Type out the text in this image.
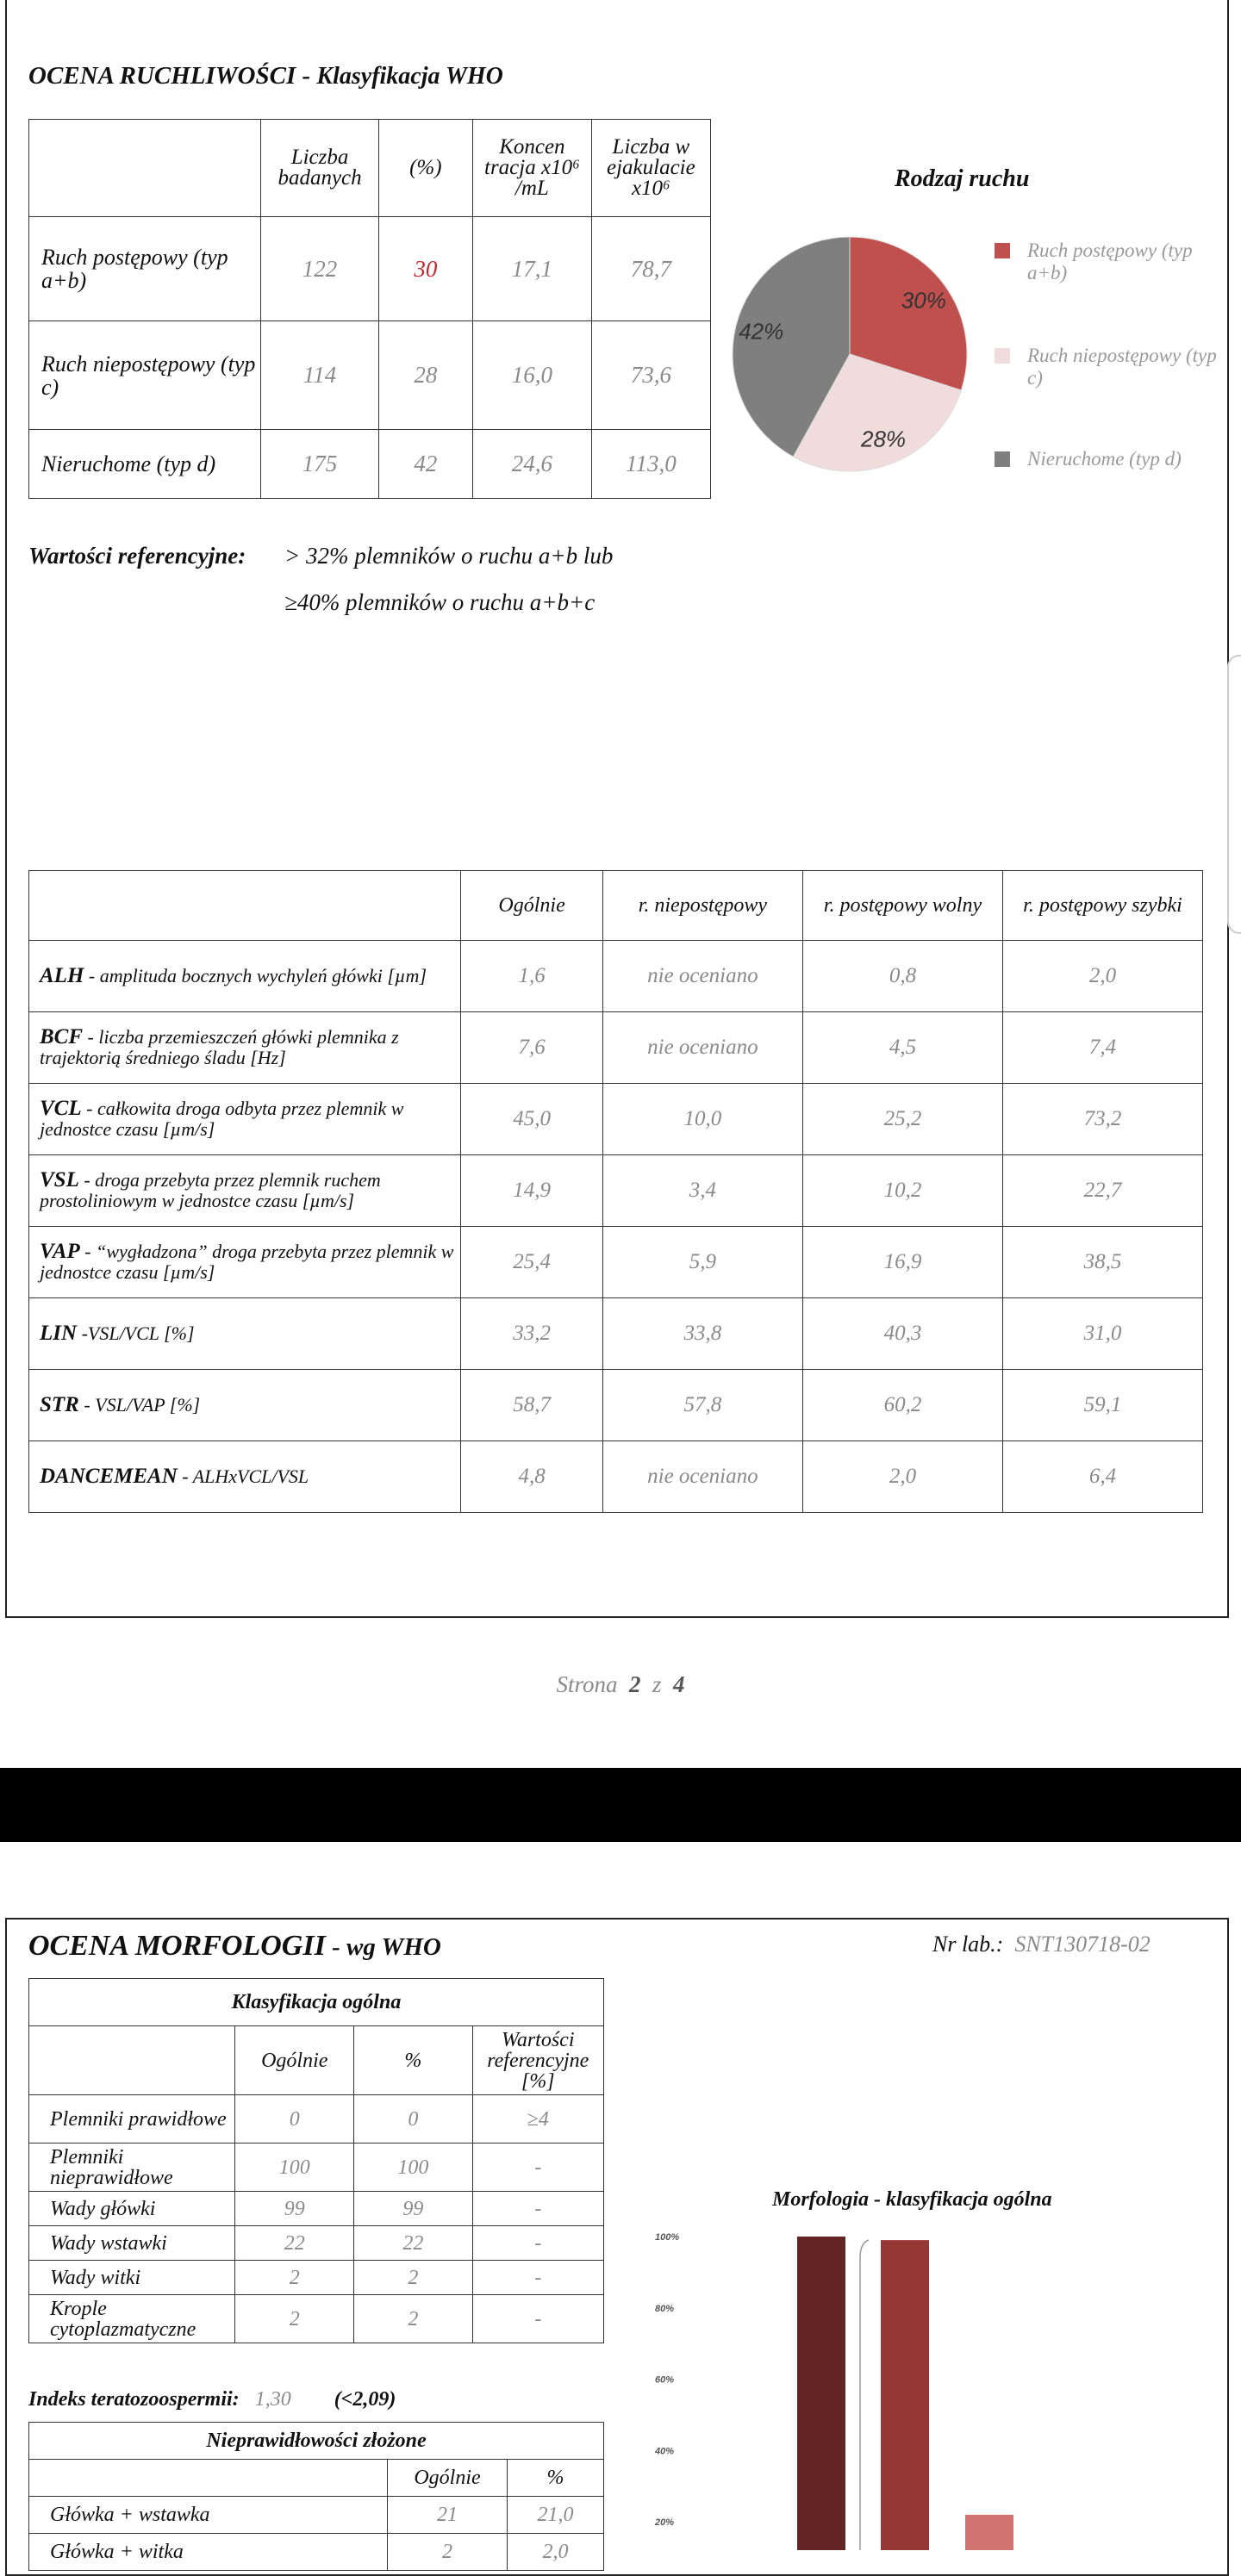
OCENA RUCHLIWOŚCI - Klasyfikacja WHO
	Liczba badanych	(%)	Koncen tracja x10⁶ /mL	Liczba w ejakulacie x10⁶
Ruch postępowy (typ a+b)	122	30	17,1	78,7
Ruch niepostępowy (typ c)	114	28	16,0	73,6
Nieruchome (typ d)	175	42	24,6	113,0
Rodzaj ruchu
30%
28%
42%
Ruch postępowy (typ a+b)
Ruch niepostępowy (typ c)
Nieruchome (typ d)
Wartości referencyjne: > 32% plemników o ruchu a+b lub
≥40% plemników o ruchu a+b+c
	Ogólnie	r. niepostępowy	r. postępowy wolny	r. postępowy szybki
ALH - amplituda bocznych wychyleń główki [µm]	1,6	nie oceniano	0,8	2,0
BCF - liczba przemieszczeń główki plemnika z trajektorią średniego śladu [Hz]	7,6	nie oceniano	4,5	7,4
VCL - całkowita droga odbyta przez plemnik w jednostce czasu [µm/s]	45,0	10,0	25,2	73,2
VSL - droga przebyta przez plemnik ruchem prostoliniowym w jednostce czasu [µm/s]	14,9	3,4	10,2	22,7
VAP - “wygładzona” droga przebyta przez plemnik w jednostce czasu [µm/s]	25,4	5,9	16,9	38,5
LIN -VSL/VCL [%]	33,2	33,8	40,3	31,0
STR - VSL/VAP [%]	58,7	57,8	60,2	59,1
DANCEMEAN - ALHxVCL/VSL	4,8	nie oceniano	2,0	6,4
Strona 2 z 4
OCENA MORFOLOGII - wg WHO	Nr lab.: SNT130718-02
Klasyfikacja ogólna			
	Ogólnie	%	Wartości referencyjne [%]
Plemniki prawidłowe	0	0	≥4
Plemniki nieprawidłowe	100	100	-
Wady główki	99	99	-
Wady wstawki	22	22	-
Wady witki	2	2	-
Krople cytoplazmatyczne	2	2	-
Indeks teratozoospermii: 1,30 (<2,09)
Nieprawidłowości złożone		
	Ogólnie	%
Główka + wstawka	21	21,0
Główka + witka	2	2,0
Morfologia - klasyfikacja ogólna
100%
80%
60%
40%
20%
